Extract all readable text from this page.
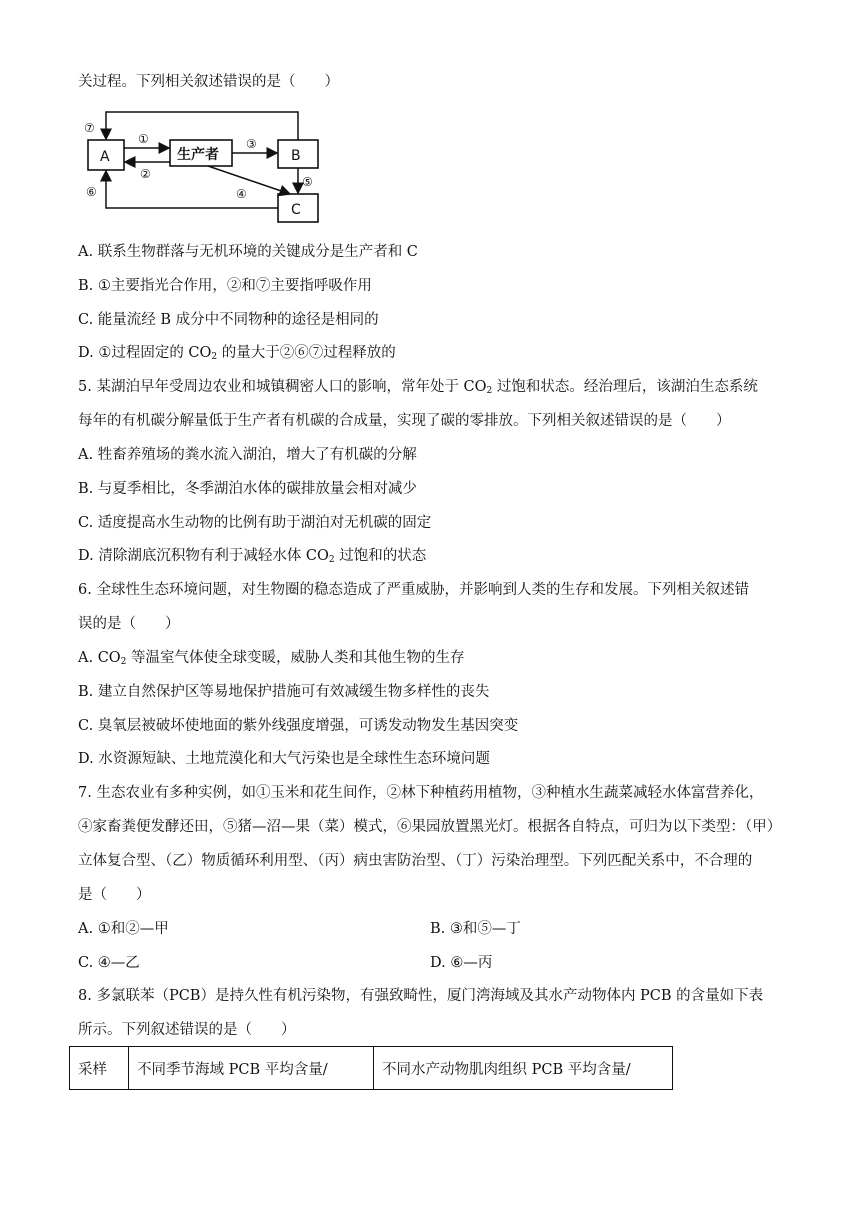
关过程。下列相关叙述错误的是（　　）
A	生产者	B
C
①
②
③
④
⑤
⑥
⑦
A. 联系生物群落与无机环境的关键成分是生产者和 C
B. ①主要指光合作用，②和⑦主要指呼吸作用
C. 能量流经 B 成分中不同物种的途径是相同的
D. ①过程固定的 $CO_2$ 的量大于②⑥⑦过程释放的
5. 某湖泊早年受周边农业和城镇稠密人口的影响，常年处于 $CO_2$ 过饱和状态。经治理后，该湖泊生态系统
每年的有机碳分解量低于生产者有机碳的合成量，实现了碳的零排放。下列相关叙述错误的是（　　）
A. 牲畜养殖场的粪水流入湖泊，增大了有机碳的分解
B. 与夏季相比，冬季湖泊水体的碳排放量会相对减少
C. 适度提高水生动物的比例有助于湖泊对无机碳的固定
D. 清除湖底沉积物有利于减轻水体 $CO_2$ 过饱和的状态
6. 全球性生态环境问题，对生物圈的稳态造成了严重威胁，并影响到人类的生存和发展。下列相关叙述错
误的是（　　）
A. $CO_2$ 等温室气体使全球变暖，威胁人类和其他生物的生存
B. 建立自然保护区等易地保护措施可有效减缓生物多样性的丧失
C. 臭氧层被破坏使地面的紫外线强度增强，可诱发动物发生基因突变
D. 水资源短缺、土地荒漠化和大气污染也是全球性生态环境问题
7. 生态农业有多种实例，如①玉米和花生间作，②林下种植药用植物，③种植水生蔬菜减轻水体富营养化，
④家畜粪便发酵还田，⑤猪—沼—果（菜）模式，⑥果园放置黑光灯。根据各自特点，可归为以下类型：（甲）
立体复合型、（乙）物质循环利用型、（丙）病虫害防治型、（丁）污染治理型。下列匹配关系中，不合理的
是（　　）
A. ①和②—甲	B. ③和⑤—丁
C. ④—乙	D. ⑥—丙
8. 多氯联苯（PCB）是持久性有机污染物，有强致畸性，厦门湾海域及其水产动物体内 PCB 的含量如下表
所示。下列叙述错误的是（　　）
采样	不同季节海域 PCB 平均含量/	不同水产动物肌肉组织 PCB 平均含量/
